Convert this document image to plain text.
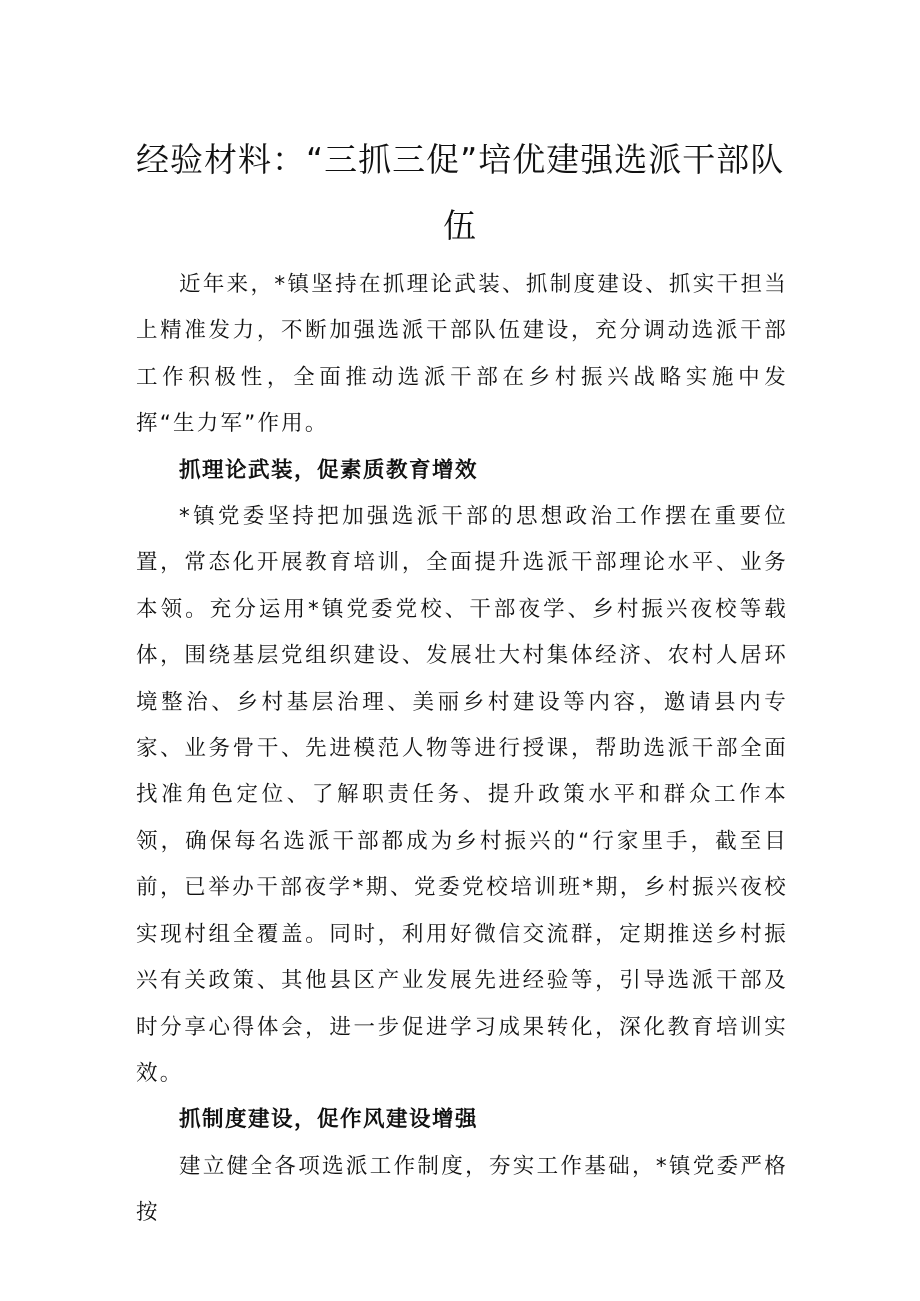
经验材料：“三抓三促”培优建强选派干部队
伍

近年来，*镇坚持在抓理论武装、抓制度建设、抓实干担当上精准发力，不断加强选派干部队伍建设，充分调动选派干部工作积极性，全面推动选派干部在乡村振兴战略实施中发挥“生力军”作用。

抓理论武装，促素质教育增效

*镇党委坚持把加强选派干部的思想政治工作摆在重要位置，常态化开展教育培训，全面提升选派干部理论水平、业务本领。充分运用*镇党委党校、干部夜学、乡村振兴夜校等载体，围绕基层党组织建设、发展壮大村集体经济、农村人居环境整治、乡村基层治理、美丽乡村建设等内容，邀请县内专家、业务骨干、先进模范人物等进行授课，帮助选派干部全面找准角色定位、了解职责任务、提升政策水平和群众工作本领，确保每名选派干部都成为乡村振兴的“行家里手，截至目前，已举办干部夜学*期、党委党校培训班*期，乡村振兴夜校实现村组全覆盖。同时，利用好微信交流群，定期推送乡村振兴有关政策、其他县区产业发展先进经验等，引导选派干部及时分享心得体会，进一步促进学习成果转化，深化教育培训实效。

抓制度建设，促作风建设增强

建立健全各项选派工作制度，夯实工作基础，*镇党委严格按
